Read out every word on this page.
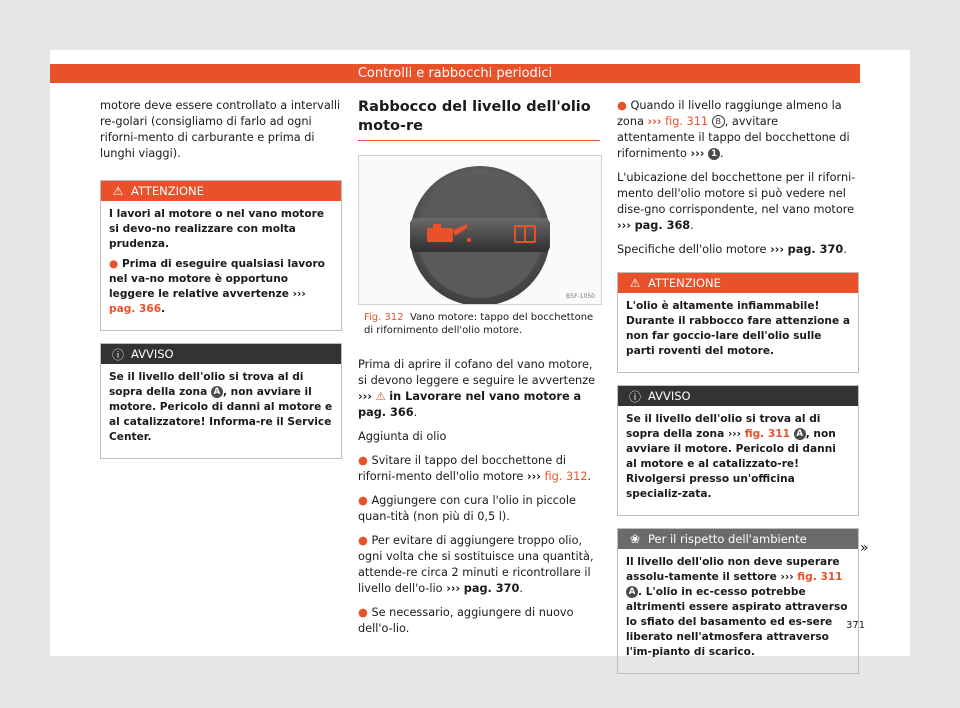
Controlli e rabbocchi periodici

motore deve essere controllato a intervalli re-golari (consigliamo di farlo ad ogni riforni-mento di carburante e prima di lunghi viaggi).

⚠ ATTENZIONE

I lavori al motore o nel vano motore si devo-no realizzare con molta prudenza.

● Prima di eseguire qualsiasi lavoro nel va-no motore è opportuno leggere le relative avvertenze ››› pag. 366.

ⓘ AVVISO

Se il livello dell'olio si trova al di sopra della zona A , non avviare il motore. Pericolo di danni al motore e al catalizzatore! Informa-re il Service Center.

Rabbocco del livello dell'olio moto-re
B5F-1050

Fig. 312 Vano motore: tappo del bocchettone di rifornimento dell'olio motore.

Prima di aprire il cofano del vano motore, si devono leggere e seguire le avvertenze ››› ⚠ in Lavorare nel vano motore a pag. 366.

Aggiunta di olio

● Svitare il tappo del bocchettone di riforni-mento dell'olio motore ››› fig. 312.

● Aggiungere con cura l'olio in piccole quan-tità (non più di 0,5 l).

● Per evitare di aggiungere troppo olio, ogni volta che si sostituisce una quantità, attende-re circa 2 minuti e ricontrollare il livello dell'o-lio ››› pag. 370.

● Se necessario, aggiungere di nuovo dell'o-lio.

● Quando il livello raggiunge almeno la zona ››› fig. 311 B , avvitare attentamente il tappo del bocchettone di rifornimento ››› 1 .

L'ubicazione del bocchettone per il riforni-mento dell'olio motore si può vedere nel dise-gno corrispondente, nel vano motore ››› pag. 368.

Specifiche dell'olio motore ››› pag. 370.

⚠ ATTENZIONE

L'olio è altamente infiammabile! Durante il rabbocco fare attenzione a non far goccio-lare dell'olio sulle parti roventi del motore.

ⓘ AVVISO

Se il livello dell'olio si trova al di sopra della zona ››› fig. 311 A , non avviare il motore. Pericolo di danni al motore e al catalizzato-re! Rivolgersi presso un'officina specializ-zata.

❀ Per il rispetto dell'ambiente

Il livello dell'olio non deve superare assolu-tamente il settore ››› fig. 311 A . L'olio in ec-cesso potrebbe altrimenti essere aspirato attraverso lo sfiato del basamento ed es-sere liberato nell'atmosfera attraverso l'im-pianto di scarico.

»
371
